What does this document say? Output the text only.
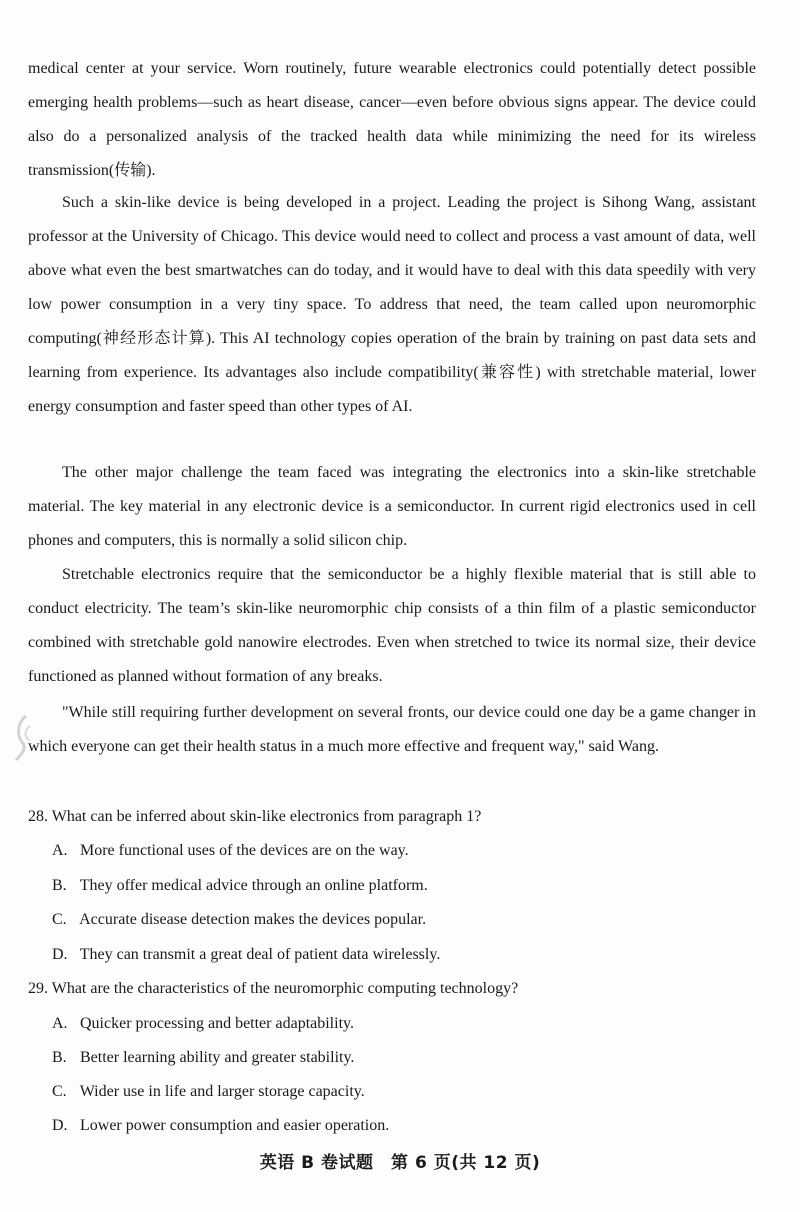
medical center at your service. Worn routinely, future wearable electronics could potentially detect possible emerging health problems—such as heart disease, cancer—even before obvious signs appear. The device could also do a personalized analysis of the tracked health data while minimizing the need for its wireless transmission(传输).

Such a skin-like device is being developed in a project. Leading the project is Sihong Wang, assistant professor at the University of Chicago. This device would need to collect and process a vast amount of data, well above what even the best smartwatches can do today, and it would have to deal with this data speedily with very low power consumption in a very tiny space. To address that need, the team called upon neuromorphic computing(神经形态计算). This AI technology copies operation of the brain by training on past data sets and learning from experience. Its advantages also include compatibility(兼容性) with stretchable material, lower energy consumption and faster speed than other types of AI.

The other major challenge the team faced was integrating the electronics into a skin-like stretchable material. The key material in any electronic device is a semiconductor. In current rigid electronics used in cell phones and computers, this is normally a solid silicon chip.

Stretchable electronics require that the semiconductor be a highly flexible material that is still able to conduct electricity. The team’s skin-like neuromorphic chip consists of a thin film of a plastic semiconductor combined with stretchable gold nanowire electrodes. Even when stretched to twice its normal size, their device functioned as planned without formation of any breaks.

"While still requiring further development on several fronts, our device could one day be a game changer in which everyone can get their health status in a much more effective and frequent way," said Wang.

28. What can be inferred about skin-like electronics from paragraph 1?
A. More functional uses of the devices are on the way.
B. They offer medical advice through an online platform.
C. Accurate disease detection makes the devices popular.
D. They can transmit a great deal of patient data wirelessly.
29. What are the characteristics of the neuromorphic computing technology?
A. Quicker processing and better adaptability.
B. Better learning ability and greater stability.
C. Wider use in life and larger storage capacity.
D. Lower power consumption and easier operation.
英语 B 卷试题　第 6 页(共 12 页)
